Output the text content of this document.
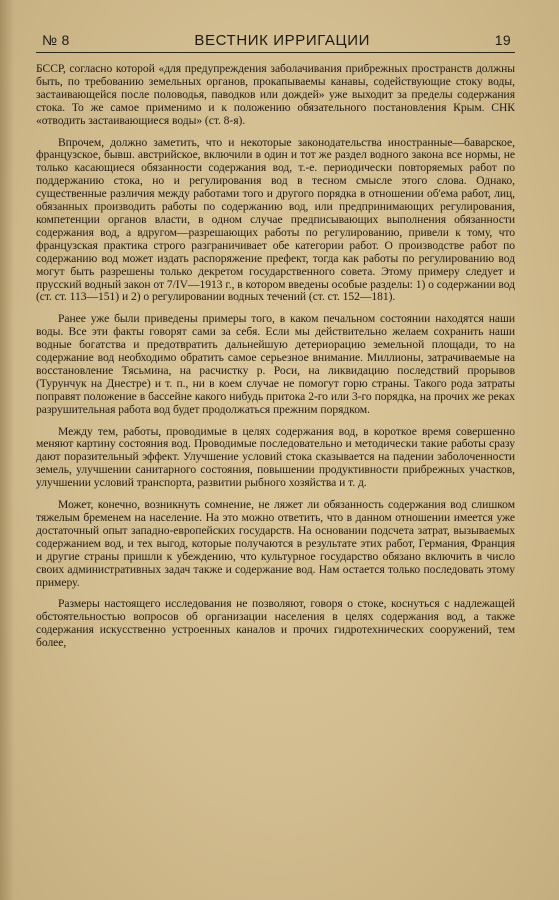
№ 8	ВЕСТНИК ИРРИГАЦИИ	19

БССР, согласно которой «для предупреждения заболачивания прибрежных пространств должны быть, по требованию земельных органов, прокапываемы канавы, содействующие стоку воды, застаивающейся после половодья, паводков или дождей» уже выходит за пределы содержания стока. То же самое применимо и к положению обязательного постановления Крым. СНК «отводить застаивающиеся воды» (ст. 8-я).

Впрочем, должно заметить, что и некоторые законодательства иностранные—баварское, французское, бывш. австрийское, включили в один и тот же раздел водного закона все нормы, не только касающиеся обязанности содержания вод, т.-е. периодически повторяемых работ по поддержанию стока, но и регулирования вод в тесном смысле этого слова. Однако, существенные различия между работами того и другого порядка в отношении об'ема работ, лиц, обязанных производить работы по содержанию вод, или предпринимающих регулирования, компетенции органов власти, в одном случае предписывающих выполнения обязанности содержания вод, а вдругом—разрешающих работы по регулированию, привели к тому, что французская практика строго разграничивает обе категории работ. О производстве работ по содержанию вод может издать распоряжение префект, тогда как работы по регулированию вод могут быть разрешены только декретом государственного совета. Этому примеру следует и прусский водный закон от 7/IV—1913 г., в котором введены особые разделы: 1) о содержании вод (ст. ст. 113—151) и 2) о регулировании водных течений (ст. ст. 152—181).

Ранее уже были приведены примеры того, в каком печальном состоянии находятся наши воды. Все эти факты говорят сами за себя. Если мы действительно желаем сохранить наши водные богатства и предотвратить дальнейшую детериорацию земельной площади, то на содержание вод необходимо обратить самое серьезное внимание. Миллионы, затрачиваемые на восстановление Тясьмина, на расчистку р. Роси, на ликвидацию последствий прорывов (Турунчук на Днестре) и т. п., ни в коем случае не помогут горю страны. Такого рода затраты поправят положение в бассейне какого нибудь притока 2-го или 3-го порядка, на прочих же реках разрушительная работа вод будет продолжаться прежним порядком.

Между тем, работы, проводимые в целях содержания вод, в короткое время совершенно меняют картину состояния вод. Проводимые последовательно и методически такие работы сразу дают поразительный эффект. Улучшение условий стока сказывается на падении заболоченности земель, улучшении санитарного состояния, повышении продуктивности прибрежных участков, улучшении условий транспорта, развитии рыбного хозяйства и т. д.

Может, конечно, возникнуть сомнение, не ляжет ли обязанность содержания вод слишком тяжелым бременем на население. На это можно ответить, что в данном отношении имеется уже достаточный опыт западно-европейских государств. На основании подсчета затрат, вызываемых содержанием вод, и тех выгод, которые получаются в результате этих работ, Германия, Франция и другие страны пришли к убеждению, что культурное государство обязано включить в число своих административных задач также и содержание вод. Нам остается только последовать этому примеру.

Размеры настоящего исследования не позволяют, говоря о стоке, коснуться с надлежащей обстоятельностью вопросов об организации населения в целях содержания вод, а также содержания искусственно устроенных каналов и прочих гидротехнических сооружений, тем более,
